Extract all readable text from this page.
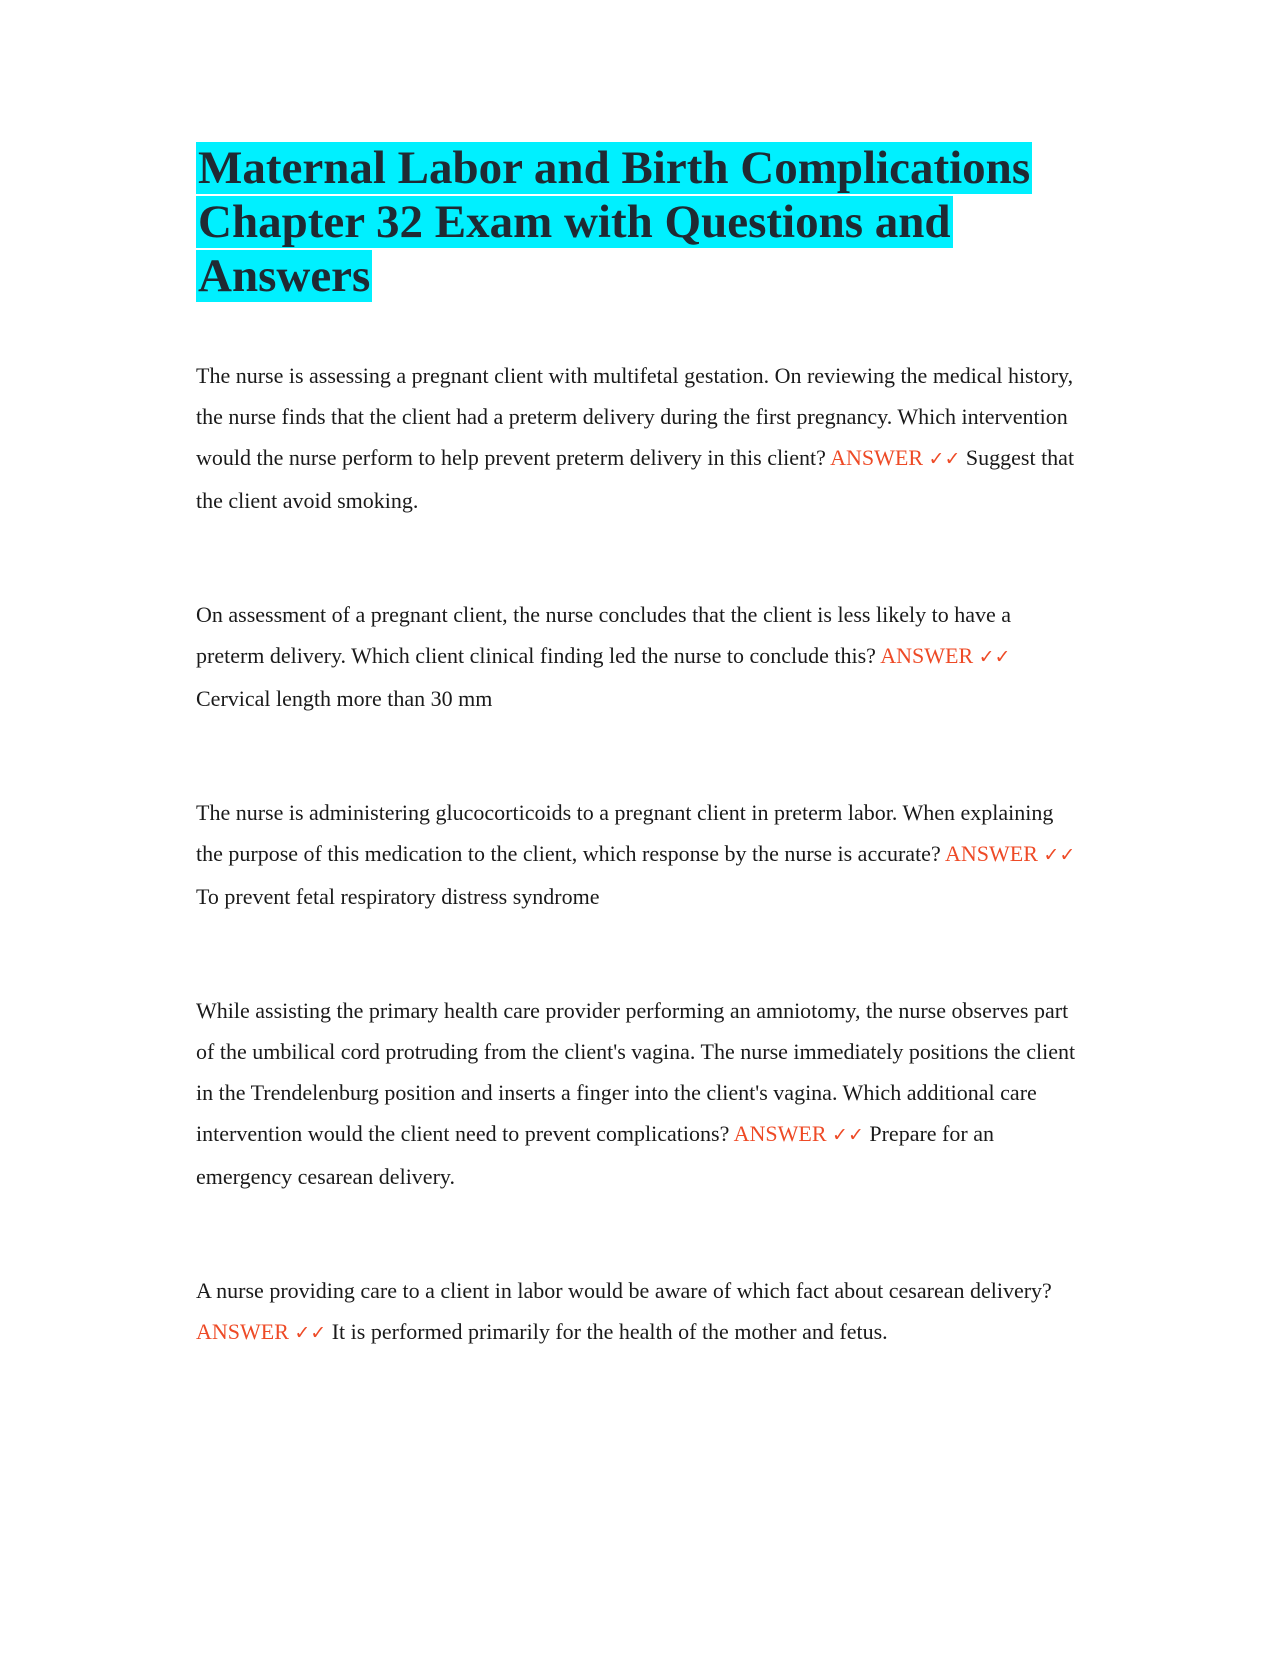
Maternal Labor and Birth Complications Chapter 32 Exam with Questions and Answers

The nurse is assessing a pregnant client with multifetal gestation. On reviewing the medical history, the nurse finds that the client had a preterm delivery during the first pregnancy. Which intervention would the nurse perform to help prevent preterm delivery in this client? ANSWER ✓✓ Suggest that the client avoid smoking.

On assessment of a pregnant client, the nurse concludes that the client is less likely to have a preterm delivery. Which client clinical finding led the nurse to conclude this? ANSWER ✓✓ Cervical length more than 30 mm

The nurse is administering glucocorticoids to a pregnant client in preterm labor. When explaining the purpose of this medication to the client, which response by the nurse is accurate? ANSWER ✓✓ To prevent fetal respiratory distress syndrome

While assisting the primary health care provider performing an amniotomy, the nurse observes part of the umbilical cord protruding from the client's vagina. The nurse immediately positions the client in the Trendelenburg position and inserts a finger into the client's vagina. Which additional care intervention would the client need to prevent complications? ANSWER ✓✓ Prepare for an emergency cesarean delivery.

A nurse providing care to a client in labor would be aware of which fact about cesarean delivery? ANSWER ✓✓ It is performed primarily for the health of the mother and fetus.
